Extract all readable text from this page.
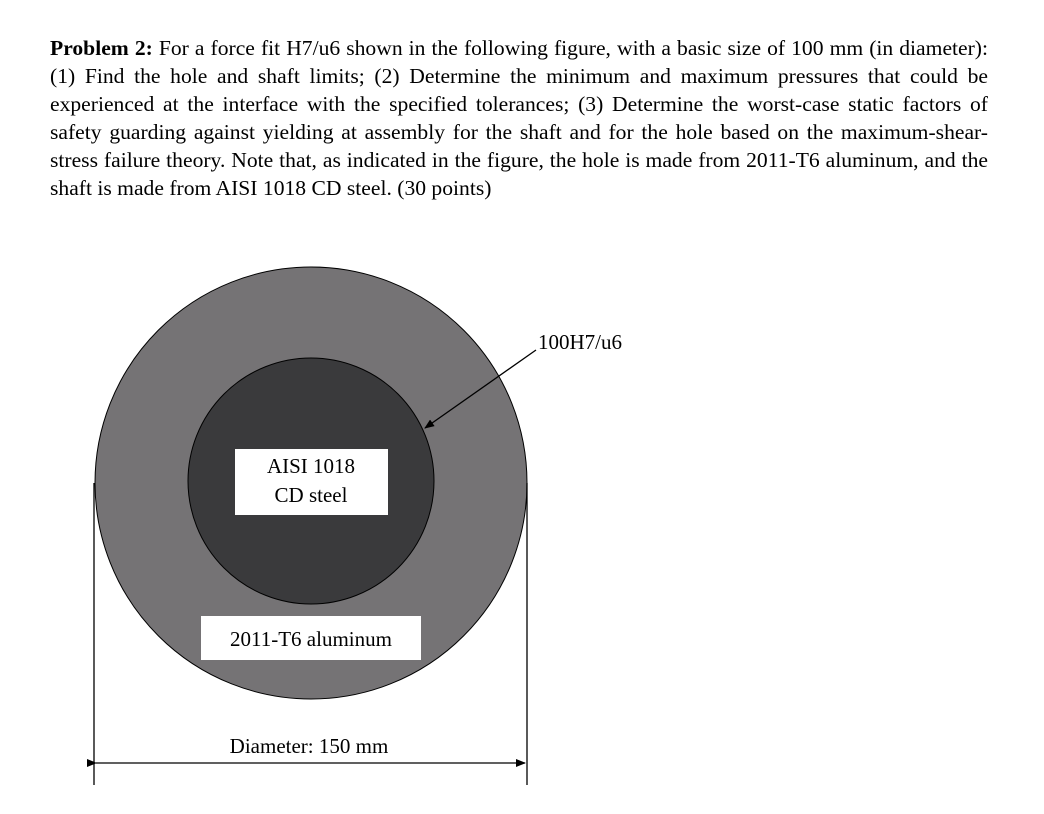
Problem 2: For a force fit H7/u6 shown in the following figure, with a basic size of 100 mm (in diameter): (1) Find the hole and shaft limits; (2) Determine the minimum and maximum pressures that could be experienced at the interface with the specified tolerances; (3) Determine the worst-case static factors of safety guarding against yielding at assembly for the shaft and for the hole based on the maximum-shear-stress failure theory. Note that, as indicated in the figure, the hole is made from 2011-T6 aluminum, and the shaft is made from AISI 1018 CD steel. (30 points)

AISI 1018
CD steel
2011-T6 aluminum
100H7/u6
Diameter: 150 mm
